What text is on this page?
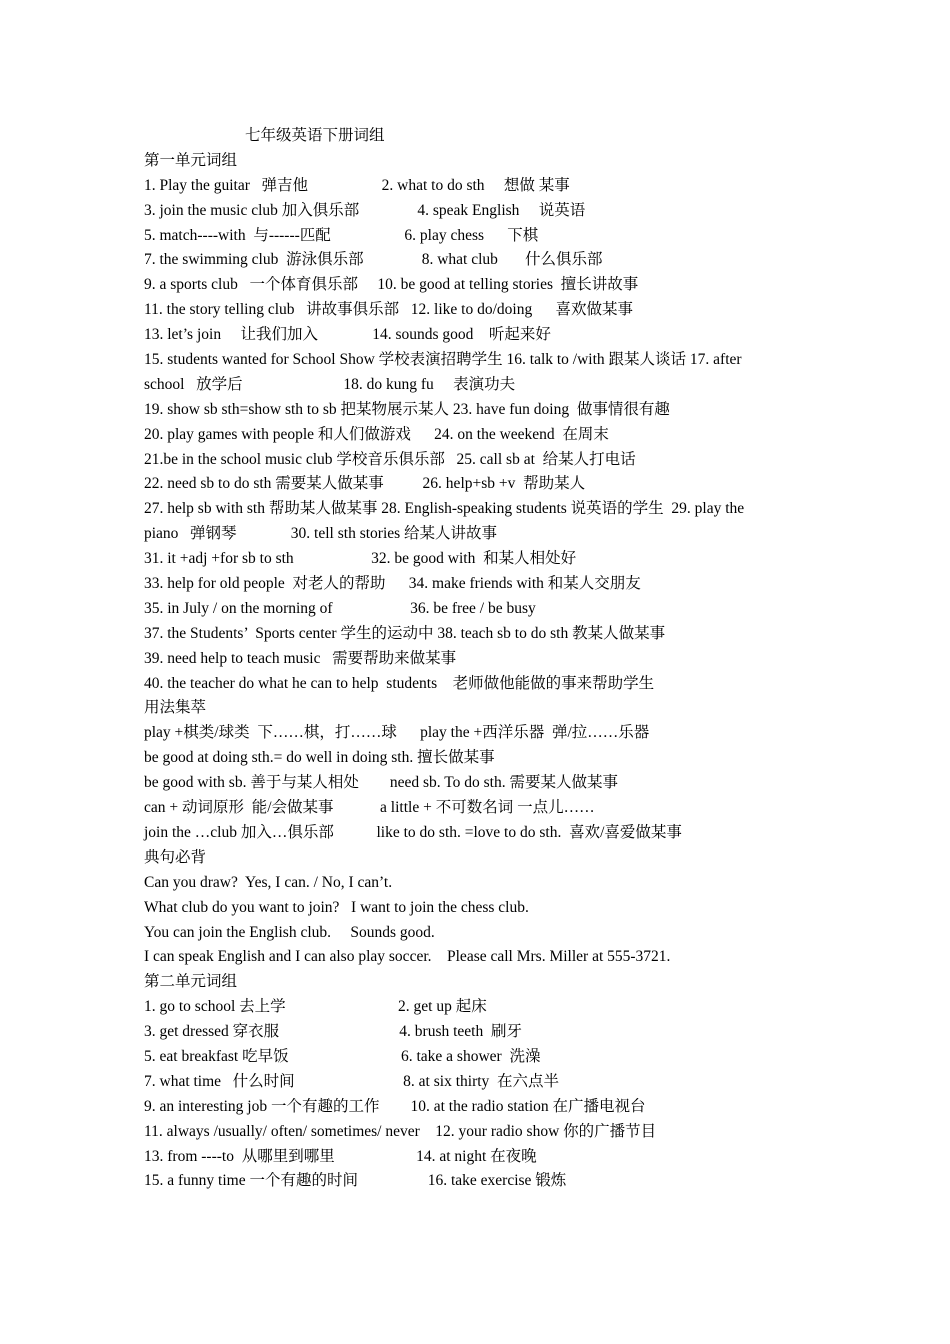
七年级英语下册词组
第一单元词组
1. Play the guitar   弹吉他                   2. what to do sth     想做 某事
3. join the music club 加入俱乐部               4. speak English     说英语
5. match----with  与------匹配                   6. play chess      下棋
7. the swimming club  游泳俱乐部               8. what club       什么俱乐部
9. a sports club   一个体育俱乐部     10. be good at telling stories  擅长讲故事
11. the story telling club   讲故事俱乐部   12. like to do/doing      喜欢做某事
13. let’s join     让我们加入              14. sounds good    听起来好
15. students wanted for School Show 学校表演招聘学生 16. talk to /with 跟某人谈话 17. after
school   放学后                          18. do kung fu     表演功夫
19. show sb sth=show sth to sb 把某物展示某人 23. have fun doing  做事情很有趣
20. play games with people 和人们做游戏      24. on the weekend  在周末
21.be in the school music club 学校音乐俱乐部   25. call sb at  给某人打电话
22. need sb to do sth 需要某人做某事          26. help+sb +v  帮助某人
27. help sb with sth 帮助某人做某事 28. English-speaking students 说英语的学生  29. play the
piano   弹钢琴              30. tell sth stories 给某人讲故事
31. it +adj +for sb to sth                    32. be good with  和某人相处好
33. help for old people  对老人的帮助      34. make friends with 和某人交朋友
35. in July / on the morning of                    36. be free / be busy
37. the Students’  Sports center 学生的运动中 38. teach sb to do sth 教某人做某事
39. need help to teach music   需要帮助来做某事
40. the teacher do what he can to help  students    老师做他能做的事来帮助学生
用法集萃
play +棋类/球类  下……棋，打……球      play the +西洋乐器  弹/拉……乐器
be good at doing sth.= do well in doing sth. 擅长做某事
be good with sb. 善于与某人相处        need sb. To do sth. 需要某人做某事
can + 动词原形  能/会做某事            a little + 不可数名词 一点儿……
join the …club 加入…俱乐部           like to do sth. =love to do sth.  喜欢/喜爱做某事
典句必背
Can you draw?  Yes, I can. / No, I can’t.
What club do you want to join?   I want to join the chess club.
You can join the English club.     Sounds good.
I can speak English and I can also play soccer.    Please call Mrs. Miller at 555-3721.
第二单元词组
1. go to school 去上学                             2. get up 起床
3. get dressed 穿衣服                               4. brush teeth  刷牙
5. eat breakfast 吃早饭                             6. take a shower  洗澡
7. what time   什么时间                            8. at six thirty  在六点半
9. an interesting job 一个有趣的工作        10. at the radio station 在广播电视台
11. always /usually/ often/ sometimes/ never    12. your radio show 你的广播节目
13. from ----to  从哪里到哪里                     14. at night 在夜晚
15. a funny time 一个有趣的时间                  16. take exercise 锻炼
